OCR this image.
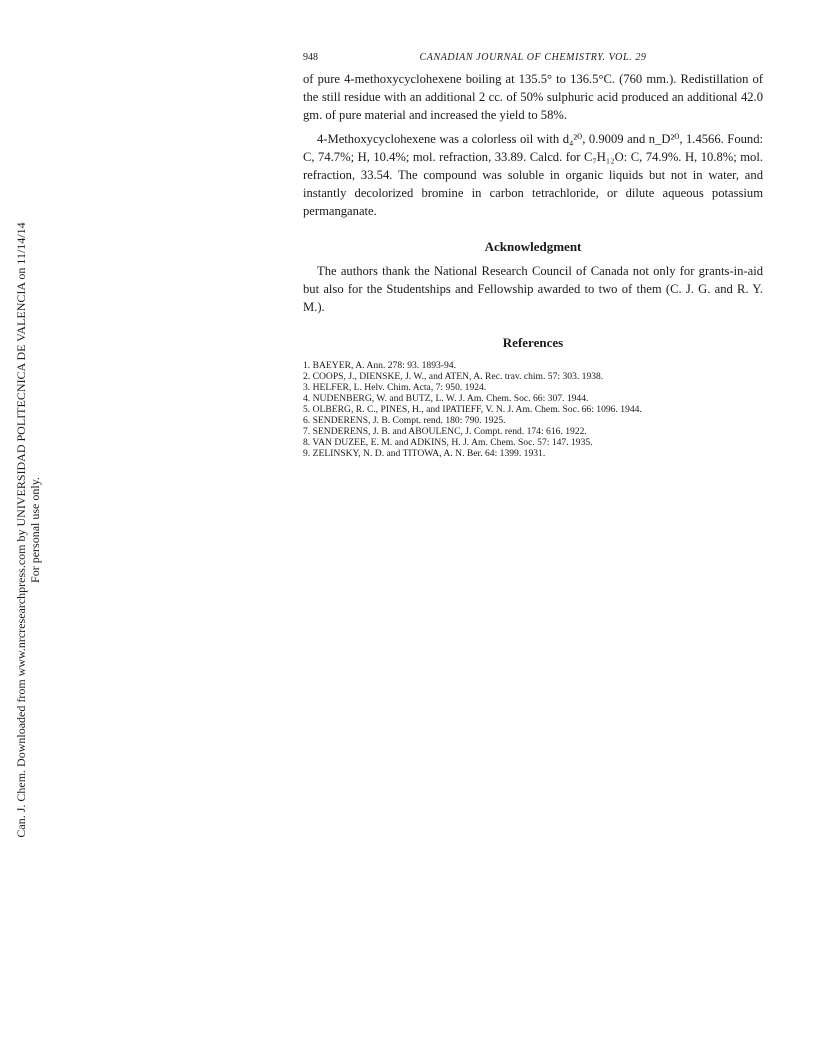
Can. J. Chem. Downloaded from www.nrcresearchpress.com by UNIVERSIDAD POLITECNICA DE VALENCIA on 11/14/14 For personal use only.
948	CANADIAN JOURNAL OF CHEMISTRY. VOL. 29

of pure 4-methoxycyclohexene boiling at 135.5° to 136.5°C. (760 mm.). Redistillation of the still residue with an additional 2 cc. of 50% sulphuric acid produced an additional 42.0 gm. of pure material and increased the yield to 58%.

4-Methoxycyclohexene was a colorless oil with d₄²⁰, 0.9009 and n_D²⁰, 1.4566. Found: C, 74.7%; H, 10.4%; mol. refraction, 33.89. Calcd. for C₇H₁₂O: C, 74.9%. H, 10.8%; mol. refraction, 33.54. The compound was soluble in organic liquids but not in water, and instantly decolorized bromine in carbon tetrachloride, or dilute aqueous potassium permanganate.

Acknowledgment

The authors thank the National Research Council of Canada not only for grants-in-aid but also for the Studentships and Fellowship awarded to two of them (C. J. G. and R. Y. M.).

References
1. BAEYER, A. Ann. 278: 93. 1893-94.
2. COOPS, J., DIENSKE, J. W., and ATEN, A. Rec. trav. chim. 57: 303. 1938.
3. HELFER, L. Helv. Chim. Acta, 7: 950. 1924.
4. NUDENBERG, W. and BUTZ, L. W. J. Am. Chem. Soc. 66: 307. 1944.
5. OLBERG, R. C., PINES, H., and IPATIEFF, V. N. J. Am. Chem. Soc. 66: 1096. 1944.
6. SENDERENS, J. B. Compt. rend. 180: 790. 1925.
7. SENDERENS, J. B. and ABOULENC, J. Compt. rend. 174: 616. 1922.
8. VAN DUZEE, E. M. and ADKINS, H. J. Am. Chem. Soc. 57: 147. 1935.
9. ZELINSKY, N. D. and TITOWA, A. N. Ber. 64: 1399. 1931.
